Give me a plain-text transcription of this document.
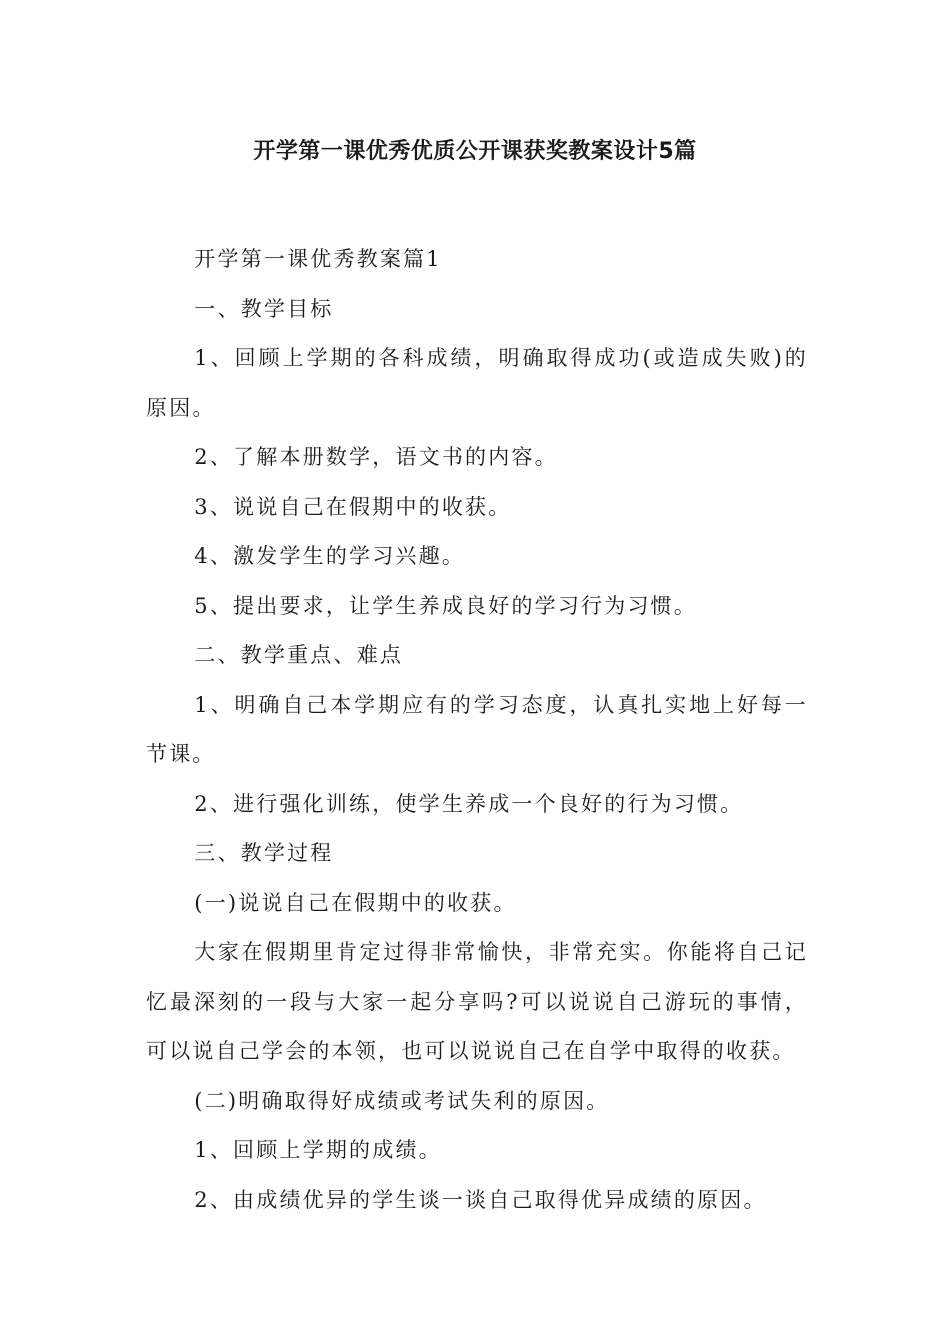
开学第一课优秀优质公开课获奖教案设计5篇

开学第一课优秀教案篇1

一、教学目标

1、回顾上学期的各科成绩，明确取得成功(或造成失败)的原因。

2、了解本册数学，语文书的内容。

3、说说自己在假期中的收获。

4、激发学生的学习兴趣。

5、提出要求，让学生养成良好的学习行为习惯。

二、教学重点、难点

1、明确自己本学期应有的学习态度，认真扎实地上好每一节课。

2、进行强化训练，使学生养成一个良好的行为习惯。

三、教学过程

(一)说说自己在假期中的收获。

大家在假期里肯定过得非常愉快，非常充实。你能将自己记忆最深刻的一段与大家一起分享吗?可以说说自己游玩的事情，可以说自己学会的本领，也可以说说自己在自学中取得的收获。

(二)明确取得好成绩或考试失利的原因。

1、回顾上学期的成绩。

2、由成绩优异的学生谈一谈自己取得优异成绩的原因。
